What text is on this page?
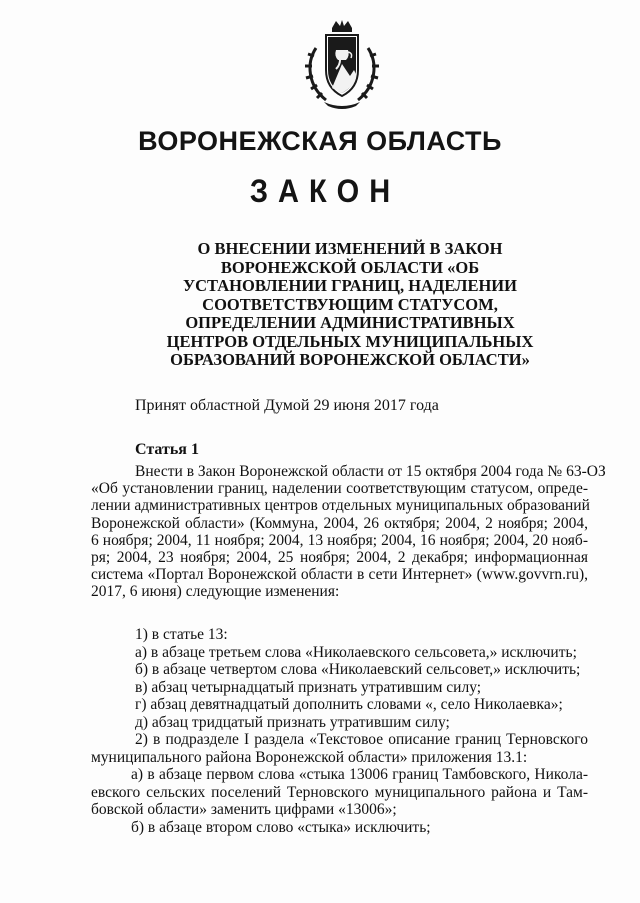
ВОРОНЕЖСКАЯ ОБЛАСТЬ
ЗАКОН
О ВНЕСЕНИИ ИЗМЕНЕНИЙ В ЗАКОН
ВОРОНЕЖСКОЙ ОБЛАСТИ «ОБ
УСТАНОВЛЕНИИ ГРАНИЦ, НАДЕЛЕНИИ
СООТВЕТСТВУЮЩИМ СТАТУСОМ,
ОПРЕДЕЛЕНИИ АДМИНИСТРАТИВНЫХ
ЦЕНТРОВ ОТДЕЛЬНЫХ МУНИЦИПАЛЬНЫХ
ОБРАЗОВАНИЙ ВОРОНЕЖСКОЙ ОБЛАСТИ»

Принят областной Думой 29 июня 2017 года

Статья 1

Внести в Закон Воронежской области от 15 октября 2004 года № 63-ОЗ
«Об установлении границ, наделении соответствующим статусом, опреде-
лении административных центров отдельных муниципальных образований
Воронежской области» (Коммуна, 2004, 26 октября; 2004, 2 ноября; 2004,
6 ноября; 2004, 11 ноября; 2004, 13 ноября; 2004, 16 ноября; 2004, 20 нояб-
ря; 2004, 23 ноября; 2004, 25 ноября; 2004, 2 декабря; информационная
система «Портал Воронежской области в сети Интернет» (www.govvrn.ru),
2017, 6 июня) следующие изменения:
1) в статье 13:
а) в абзаце третьем слова «Николаевского сельсовета,» исключить;
б) в абзаце четвертом слова «Николаевский сельсовет,» исключить;
в) абзац четырнадцатый признать утратившим силу;
г) абзац девятнадцатый дополнить словами «, село Николаевка»;
д) абзац тридцатый признать утратившим силу;
2) в подразделе I раздела «Текстовое описание границ Терновского
муниципального района Воронежской области» приложения 13.1:
а) в абзаце первом слова «стыка 13006 границ Тамбовского, Никола-
евского сельских поселений Терновского муниципального района и Там-
бовской области» заменить цифрами «13006»;
б) в абзаце втором слово «стыка» исключить;
